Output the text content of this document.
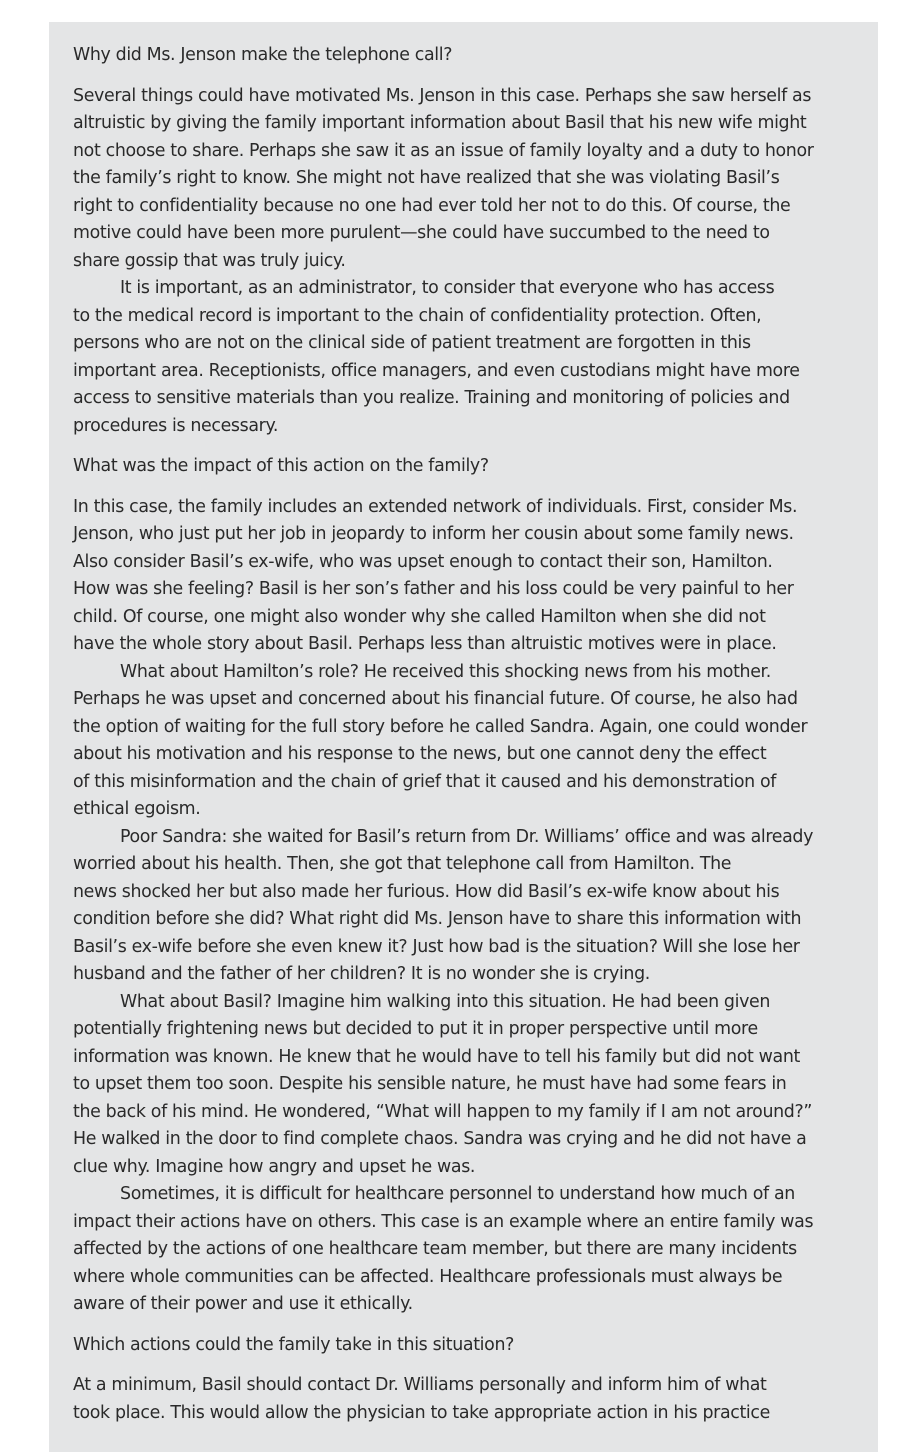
Why did Ms. Jenson make the telephone call?

Several things could have motivated Ms. Jenson in this case. Perhaps she saw herself as
altruistic by giving the family important information about Basil that his new wife might
not choose to share. Perhaps she saw it as an issue of family loyalty and a duty to honor
the family’s right to know. She might not have realized that she was violating Basil’s
right to confidentiality because no one had ever told her not to do this. Of course, the
motive could have been more purulent—she could have succumbed to the need to
share gossip that was truly juicy.

It is important, as an administrator, to consider that everyone who has access
to the medical record is important to the chain of confidentiality protection. Often,
persons who are not on the clinical side of patient treatment are forgotten in this
important area. Receptionists, office managers, and even custodians might have more
access to sensitive materials than you realize. Training and monitoring of policies and
procedures is necessary.

What was the impact of this action on the family?

In this case, the family includes an extended network of individuals. First, consider Ms.
Jenson, who just put her job in jeopardy to inform her cousin about some family news.
Also consider Basil’s ex-wife, who was upset enough to contact their son, Hamilton.
How was she feeling? Basil is her son’s father and his loss could be very painful to her
child. Of course, one might also wonder why she called Hamilton when she did not
have the whole story about Basil. Perhaps less than altruistic motives were in place.

What about Hamilton’s role? He received this shocking news from his mother.
Perhaps he was upset and concerned about his financial future. Of course, he also had
the option of waiting for the full story before he called Sandra. Again, one could wonder
about his motivation and his response to the news, but one cannot deny the effect
of this misinformation and the chain of grief that it caused and his demonstration of
ethical egoism.

Poor Sandra: she waited for Basil’s return from Dr. Williams’ office and was already
worried about his health. Then, she got that telephone call from Hamilton. The
news shocked her but also made her furious. How did Basil’s ex-wife know about his
condition before she did? What right did Ms. Jenson have to share this information with
Basil’s ex-wife before she even knew it? Just how bad is the situation? Will she lose her
husband and the father of her children? It is no wonder she is crying.

What about Basil? Imagine him walking into this situation. He had been given
potentially frightening news but decided to put it in proper perspective until more
information was known. He knew that he would have to tell his family but did not want
to upset them too soon. Despite his sensible nature, he must have had some fears in
the back of his mind. He wondered, “What will happen to my family if I am not around?”
He walked in the door to find complete chaos. Sandra was crying and he did not have a
clue why. Imagine how angry and upset he was.

Sometimes, it is difficult for healthcare personnel to understand how much of an
impact their actions have on others. This case is an example where an entire family was
affected by the actions of one healthcare team member, but there are many incidents
where whole communities can be affected. Healthcare professionals must always be
aware of their power and use it ethically.

Which actions could the family take in this situation?

At a minimum, Basil should contact Dr. Williams personally and inform him of what
took place. This would allow the physician to take appropriate action in his practice
